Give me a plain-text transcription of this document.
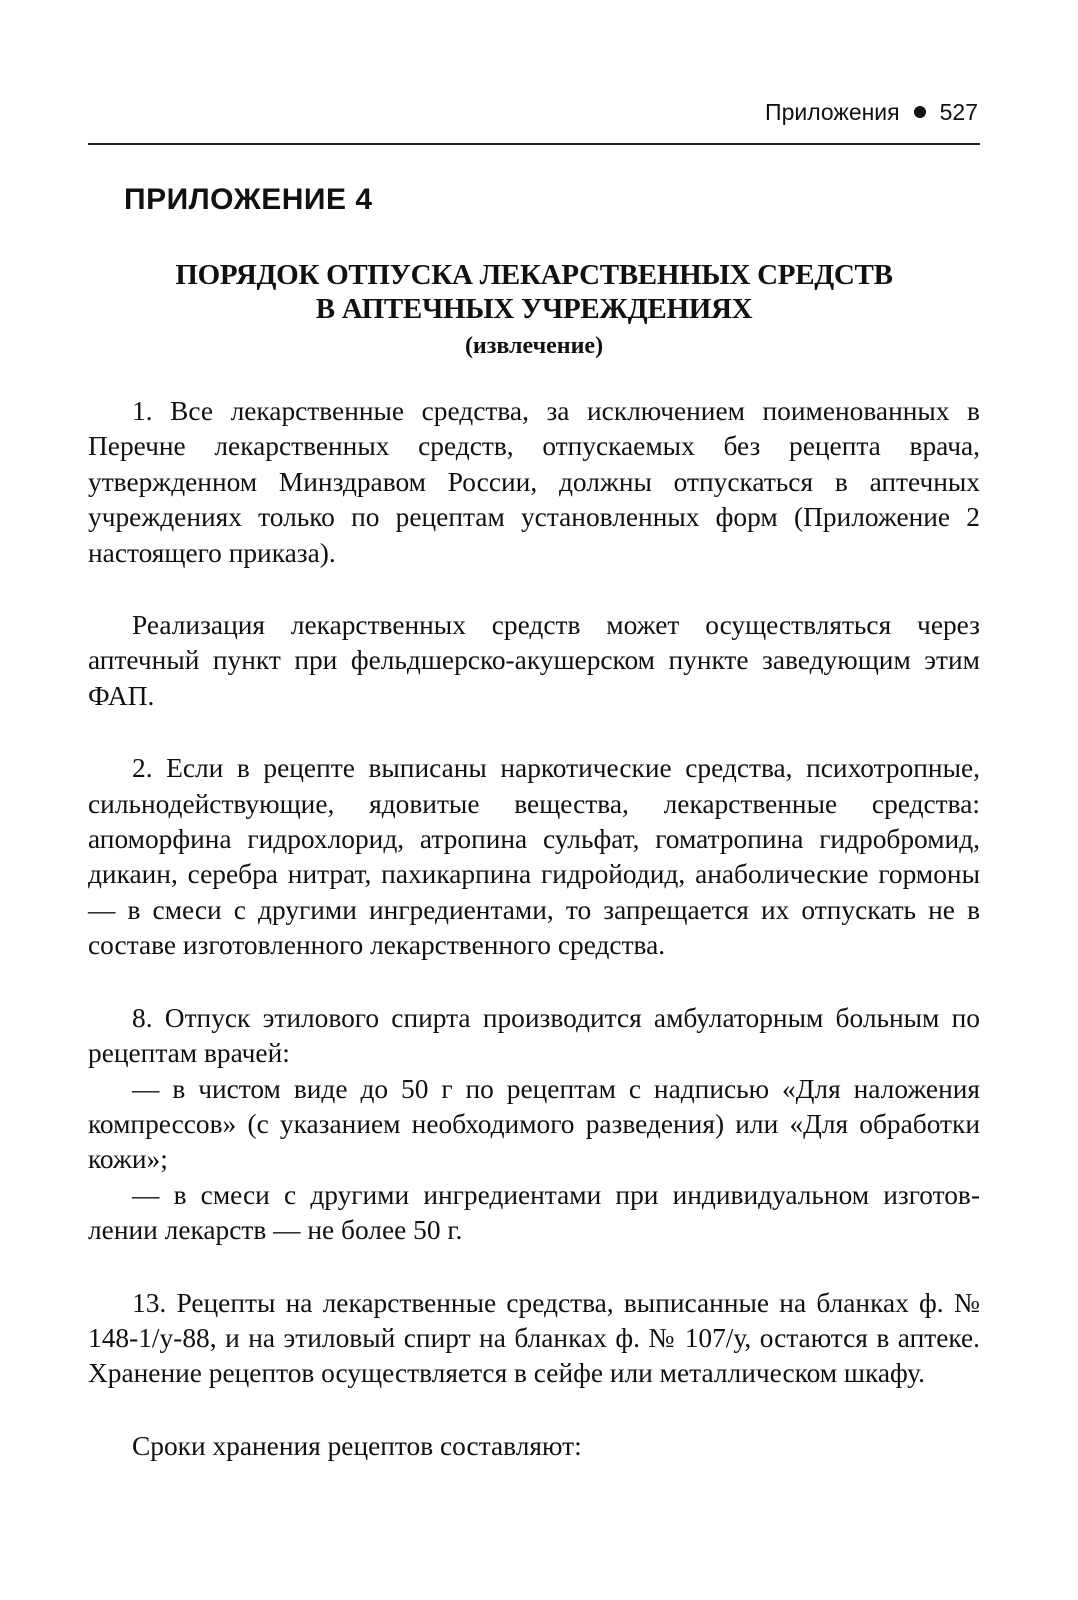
Приложения 527
ПРИЛОЖЕНИЕ 4
ПОРЯДОК ОТПУСКА ЛЕКАРСТВЕННЫХ СРЕДСТВ
В АПТЕЧНЫХ УЧРЕЖДЕНИЯХ
(извлечение)

1. Все лекарственные средства, за исключением поименованных в Перечне лекарственных средств, отпускаемых без рецепта врача, утвержденном Минздравом России, должны отпускаться в аптечных учреждениях только по рецептам установленных форм (Приложение 2 настоящего приказа).

Реализация лекарственных средств может осуществляться через аптечный пункт при фельдшерско-акушерском пункте заведующим этим ФАП.

2. Если в рецепте выписаны наркотические средства, психотропные, сильнодействующие, ядовитые вещества, лекарственные средства: апоморфина гидрохлорид, атропина сульфат, гоматропина гидробромид, дикаин, серебра нитрат, пахикарпина гидройодид, анаболические гормоны — в смеси с другими ингредиентами, то запрещается их отпускать не в составе изготовленного лекарственного средства.

8. Отпуск этилового спирта производится амбулаторным больным по рецептам врачей:

— в чистом виде до 50 г по рецептам с надписью «Для наложения компрессов» (с указанием необходимого разведения) или «Для обработки кожи»;

— в смеси с другими ингредиентами при индивидуальном изготовлении лекарств — не более 50 г.

13. Рецепты на лекарственные средства, выписанные на бланках ф. № 148-1/у-88, и на этиловый спирт на бланках ф. № 107/у, остаются в аптеке. Хранение рецептов осуществляется в сейфе или металлическом шкафу.

Сроки хранения рецептов составляют:
